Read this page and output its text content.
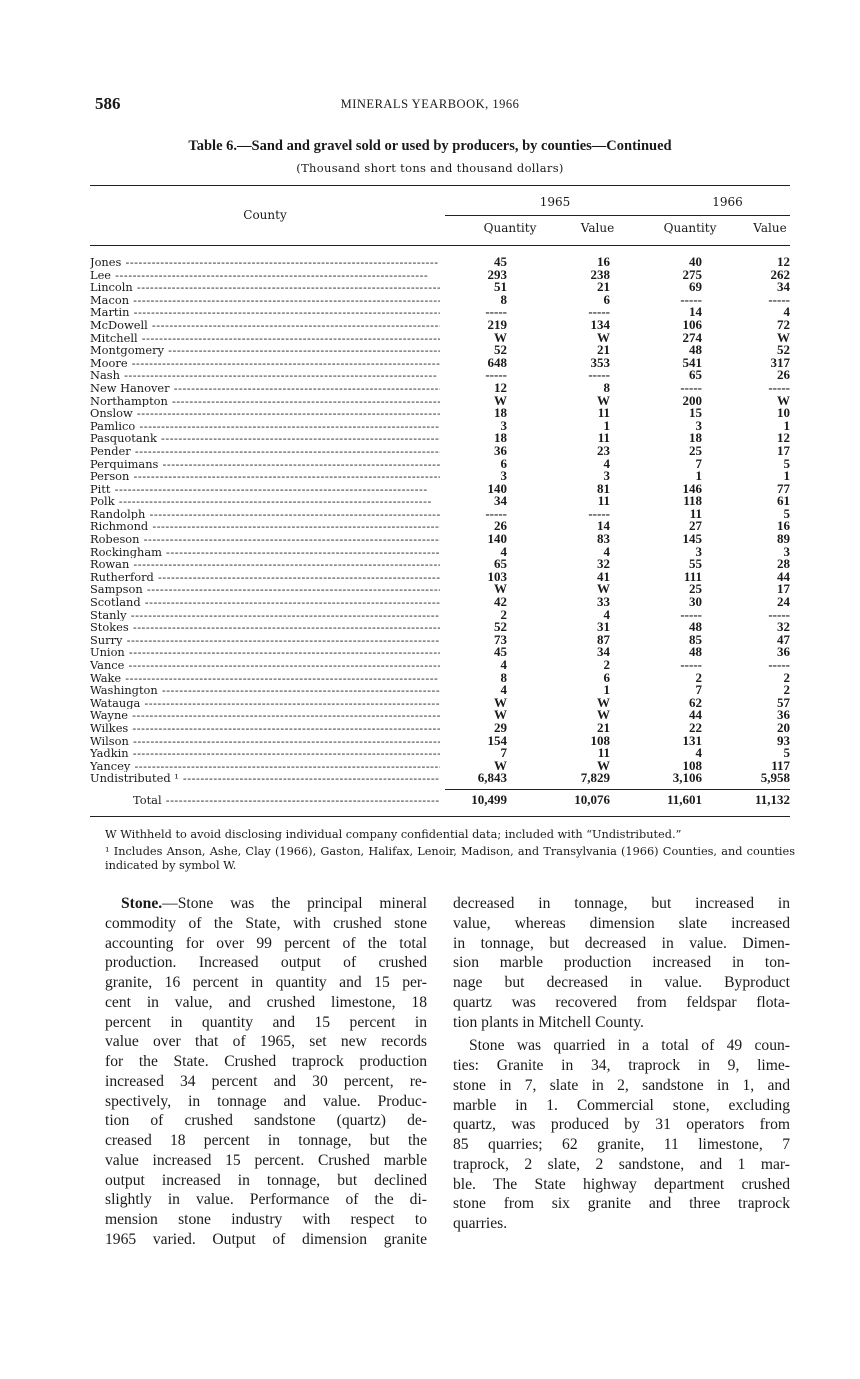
586	MINERALS YEARBOOK, 1966
Table 6.—Sand and gravel sold or used by producers, by counties—Continued
(Thousand short tons and thousand dollars)
County
1965	1966
Quantity	Value	Quantity	Value
Jones -----	45	16	40	12
Lee -----	293	238	275	262
Lincoln -----	51	21	69	34
Macon -----	8	6	-----	-----
Martin -----	-----	-----	14	4
McDowell -----	219	134	106	72
Mitchell -----	W	W	274	W
Montgomery -----	52	21	48	52
Moore -----	648	353	541	317
Nash -----	-----	-----	65	26
New Hanover -----	12	8	-----	-----
Northampton -----	W	W	200	W
Onslow -----	18	11	15	10
Pamlico -----	3	1	3	1
Pasquotank -----	18	11	18	12
Pender -----	36	23	25	17
Perquimans -----	6	4	7	5
Person -----	3	3	1	1
Pitt -----	140	81	146	77
Polk -----	34	11	118	61
Randolph -----	-----	-----	11	5
Richmond -----	26	14	27	16
Robeson -----	140	83	145	89
Rockingham -----	4	4	3	3
Rowan -----	65	32	55	28
Rutherford -----	103	41	111	44
Sampson -----	W	W	25	17
Scotland -----	42	33	30	24
Stanly -----	2	4	-----	-----
Stokes -----	52	31	48	32
Surry -----	73	87	85	47
Union -----	45	34	48	36
Vance -----	4	2	-----	-----
Wake -----	8	6	2	2
Washington -----	4	1	7	2
Watauga -----	W	W	62	57
Wayne -----	W	W	44	36
Wilkes -----	29	21	22	20
Wilson -----	154	108	131	93
Yadkin -----	7	11	4	5
Yancey -----	W	W	108	117
Undistributed ¹ -----	6,843	7,829	3,106	5,958
Total -----	10,499	10,076	11,601	11,132
W Withheld to avoid disclosing individual company confidential data; included with “Undistributed.”
¹ Includes Anson, Ashe, Clay (1966), Gaston, Halifax, Lenoir, Madison, and Transylvania (1966) Counties, and counties indicated by symbol W.
Stone.—Stone was the principal mineral
commodity of the State, with crushed stone
accounting for over 99 percent of the total
production. Increased output of crushed
granite, 16 percent in quantity and 15 per-
cent in value, and crushed limestone, 18
percent in quantity and 15 percent in
value over that of 1965, set new records
for the State. Crushed traprock production
increased 34 percent and 30 percent, re-
spectively, in tonnage and value. Produc-
tion of crushed sandstone (quartz) de-
creased 18 percent in tonnage, but the
value increased 15 percent. Crushed marble
output increased in tonnage, but declined
slightly in value. Performance of the di-
mension stone industry with respect to
1965 varied. Output of dimension granite
decreased in tonnage, but increased in
value, whereas dimension slate increased
in tonnage, but decreased in value. Dimen-
sion marble production increased in ton-
nage but decreased in value. Byproduct
quartz was recovered from feldspar flota-
tion plants in Mitchell County.
Stone was quarried in a total of 49 coun-
ties: Granite in 34, traprock in 9, lime-
stone in 7, slate in 2, sandstone in 1, and
marble in 1. Commercial stone, excluding
quartz, was produced by 31 operators from
85 quarries; 62 granite, 11 limestone, 7
traprock, 2 slate, 2 sandstone, and 1 mar-
ble. The State highway department crushed
stone from six granite and three traprock
quarries.
